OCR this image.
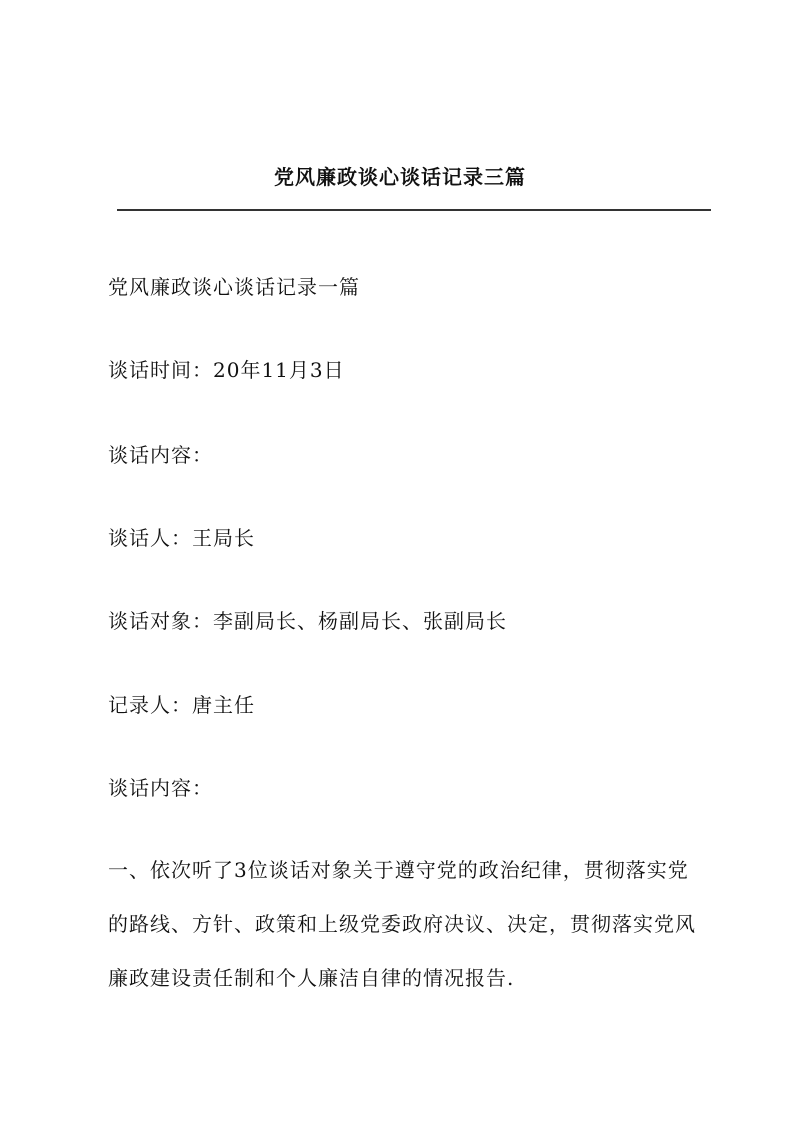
党风廉政谈心谈话记录三篇
党风廉政谈心谈话记录一篇
谈话时间：20年11月3日
谈话内容：
谈话人：王局长
谈话对象：李副局长、杨副局长、张副局长
记录人：唐主任
谈话内容：
一、依次听了3位谈话对象关于遵守党的政治纪律，贯彻落实党
的路线、方针、政策和上级党委政府决议、决定，贯彻落实党风
廉政建设责任制和个人廉洁自律的情况报告.
